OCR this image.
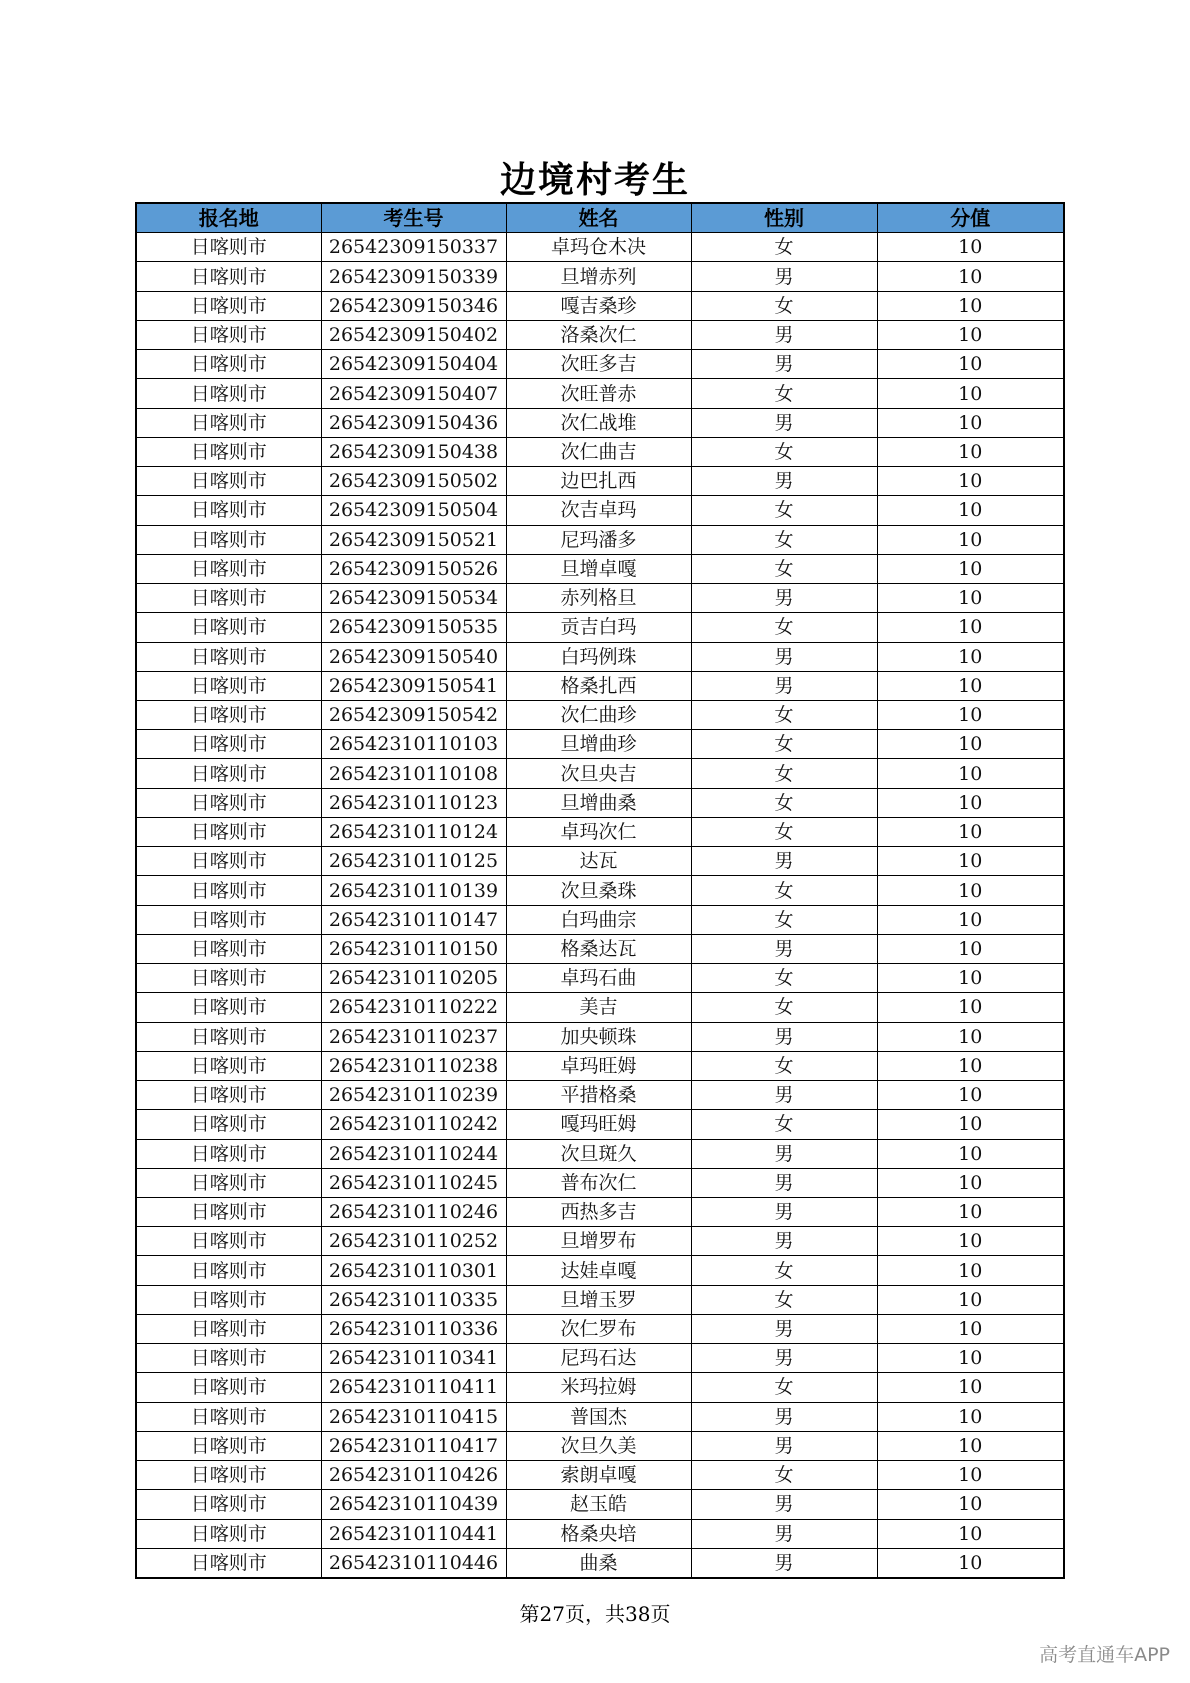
边境村考生
报名地	考生号	姓名	性别	分值
日喀则市	26542309150337	卓玛仓木决	女	10
日喀则市	26542309150339	旦增赤列	男	10
日喀则市	26542309150346	嘎吉桑珍	女	10
日喀则市	26542309150402	洛桑次仁	男	10
日喀则市	26542309150404	次旺多吉	男	10
日喀则市	26542309150407	次旺普赤	女	10
日喀则市	26542309150436	次仁战堆	男	10
日喀则市	26542309150438	次仁曲吉	女	10
日喀则市	26542309150502	边巴扎西	男	10
日喀则市	26542309150504	次吉卓玛	女	10
日喀则市	26542309150521	尼玛潘多	女	10
日喀则市	26542309150526	旦增卓嘎	女	10
日喀则市	26542309150534	赤列格旦	男	10
日喀则市	26542309150535	贡吉白玛	女	10
日喀则市	26542309150540	白玛例珠	男	10
日喀则市	26542309150541	格桑扎西	男	10
日喀则市	26542309150542	次仁曲珍	女	10
日喀则市	26542310110103	旦增曲珍	女	10
日喀则市	26542310110108	次旦央吉	女	10
日喀则市	26542310110123	旦增曲桑	女	10
日喀则市	26542310110124	卓玛次仁	女	10
日喀则市	26542310110125	达瓦	男	10
日喀则市	26542310110139	次旦桑珠	女	10
日喀则市	26542310110147	白玛曲宗	女	10
日喀则市	26542310110150	格桑达瓦	男	10
日喀则市	26542310110205	卓玛石曲	女	10
日喀则市	26542310110222	美吉	女	10
日喀则市	26542310110237	加央顿珠	男	10
日喀则市	26542310110238	卓玛旺姆	女	10
日喀则市	26542310110239	平措格桑	男	10
日喀则市	26542310110242	嘎玛旺姆	女	10
日喀则市	26542310110244	次旦斑久	男	10
日喀则市	26542310110245	普布次仁	男	10
日喀则市	26542310110246	西热多吉	男	10
日喀则市	26542310110252	旦增罗布	男	10
日喀则市	26542310110301	达娃卓嘎	女	10
日喀则市	26542310110335	旦增玉罗	女	10
日喀则市	26542310110336	次仁罗布	男	10
日喀则市	26542310110341	尼玛石达	男	10
日喀则市	26542310110411	米玛拉姆	女	10
日喀则市	26542310110415	普国杰	男	10
日喀则市	26542310110417	次旦久美	男	10
日喀则市	26542310110426	索朗卓嘎	女	10
日喀则市	26542310110439	赵玉皓	男	10
日喀则市	26542310110441	格桑央培	男	10
日喀则市	26542310110446	曲桑	男	10
第27页，共38页
高考直通车APP
